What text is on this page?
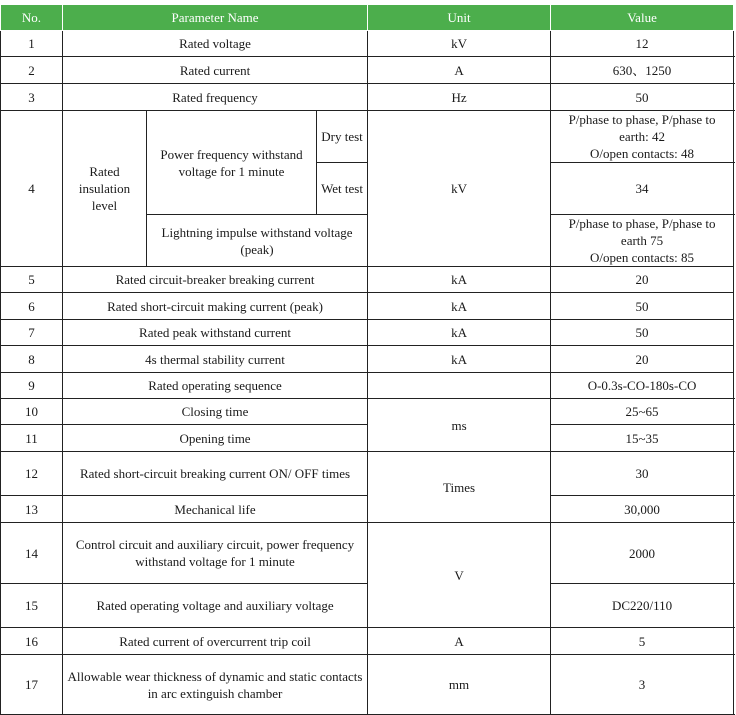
No.	Parameter Name			Unit	Value	
1	Rated voltage			kV	12	
2	Rated current			A	630、1250	
3	Rated frequency			Hz	50	
4	Rated insulation level	Power frequency withstand voltage for 1 minute	Dry test	kV	P/phase to phase, P/phase to earth: 42
O/open contacts: 48	

			Wet test		34	
		Lightning impulse withstand voltage (peak)			P/phase to phase, P/phase to earth 75
O/open contacts: 85	

5	Rated circuit-breaker breaking current			kA	20	
6	Rated short-circuit making current (peak)			kA	50	
7	Rated peak withstand current			kA	50	
8	4s thermal stability current			kA	20	
9	Rated operating sequence				O-0.3s-CO-180s-CO	
10	Closing time			ms	25~65	
11	Opening time				15~35	
12	Rated short-circuit breaking current ON/ OFF times			Times	30	
13	Mechanical life				30,000	
14	Control circuit and auxiliary circuit, power frequency withstand voltage for 1 minute			V	2000	
15	Rated operating voltage and auxiliary voltage				DC220/110	
16	Rated current of overcurrent trip coil			A	5	
17	Allowable wear thickness of dynamic and static contacts in arc extinguish chamber			mm	3	
